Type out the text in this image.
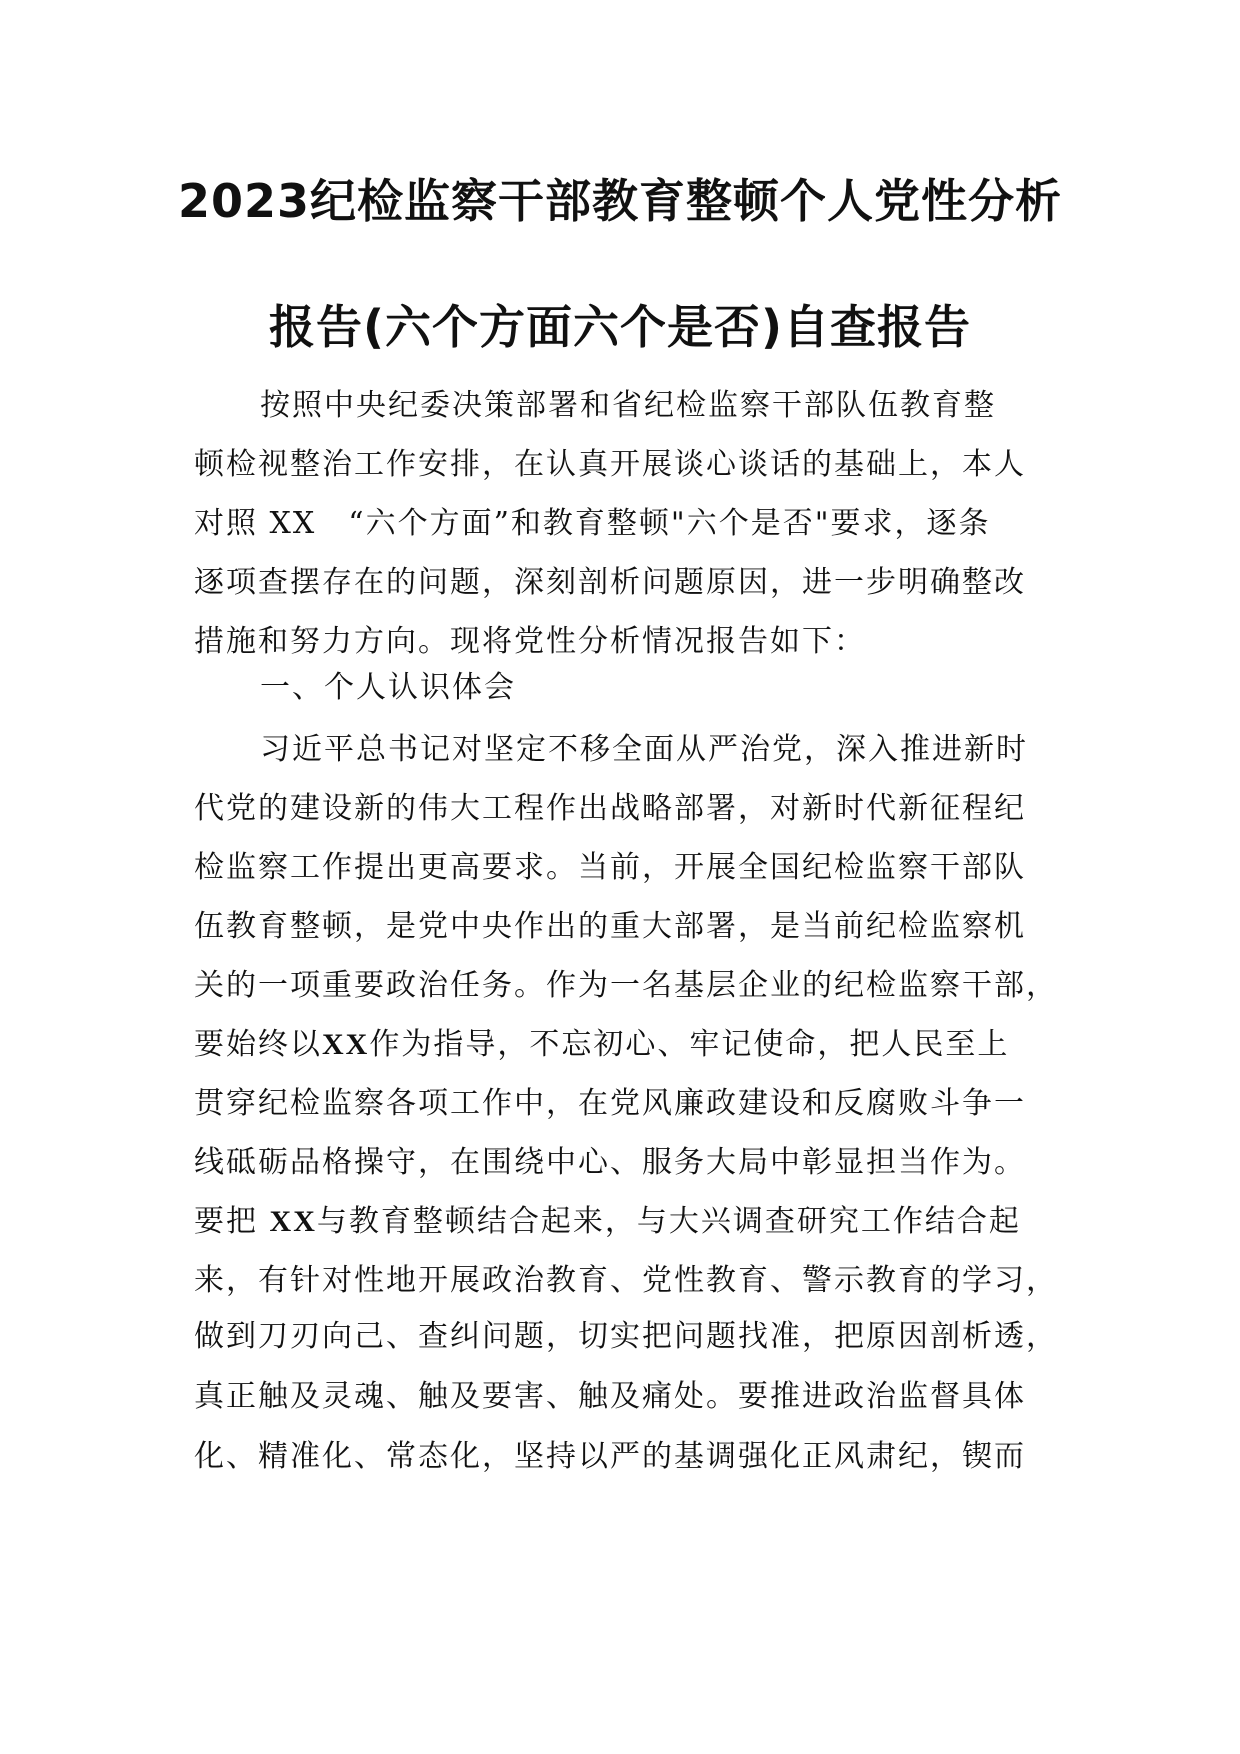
2023纪检监察干部教育整顿个人党性分析
报告(六个方面六个是否)自查报告
按照中央纪委决策部署和省纪检监察干部队伍教育整
顿检视整治工作安排，在认真开展谈心谈话的基础上，本人
对照 XX　“六个方面”和教育整顿"六个是否"要求，逐条
逐项查摆存在的问题，深刻剖析问题原因，进一步明确整改
措施和努力方向。现将党性分析情况报告如下：
一、个人认识体会
习近平总书记对坚定不移全面从严治党，深入推进新时
代党的建设新的伟大工程作出战略部署，对新时代新征程纪
检监察工作提出更高要求。当前，开展全国纪检监察干部队
伍教育整顿，是党中央作出的重大部署，是当前纪检监察机
关的一项重要政治任务。作为一名基层企业的纪检监察干部，
要始终以XX作为指导，不忘初心、牢记使命，把人民至上
贯穿纪检监察各项工作中，在党风廉政建设和反腐败斗争一
线砥砺品格操守，在围绕中心、服务大局中彰显担当作为。
要把 XX与教育整顿结合起来，与大兴调查研究工作结合起
来，有针对性地开展政治教育、党性教育、警示教育的学习，
做到刀刃向己、查纠问题，切实把问题找准，把原因剖析透，
真正触及灵魂、触及要害、触及痛处。要推进政治监督具体
化、精准化、常态化，坚持以严的基调强化正风肃纪，锲而
